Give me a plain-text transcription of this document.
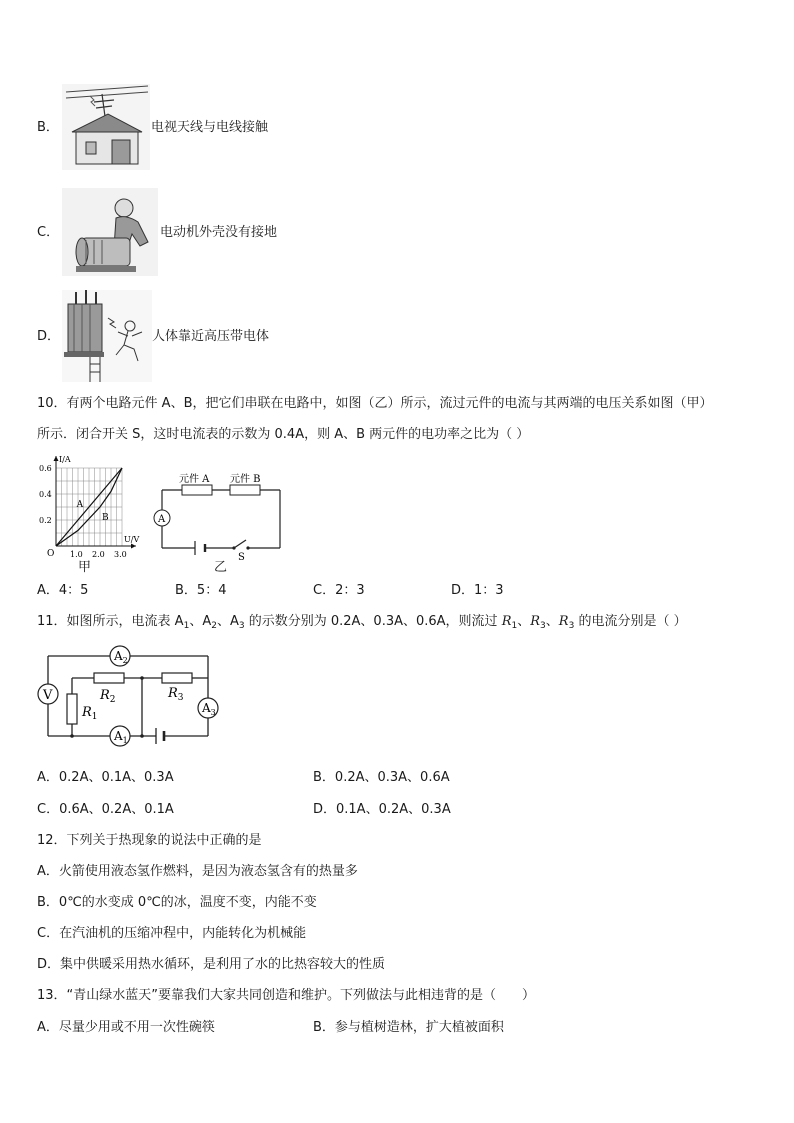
B．	电视天线与电线接触
C．	电动机外壳没有接地
D．	人体靠近高压带电体
10．有两个电路元件 A、B，把它们串联在电路中，如图（乙）所示，流过元件的电流与其两端的电压关系如图（甲）
所示．闭合开关 S，这时电流表的示数为 0.4A，则 A、B 两元件的电功率之比为（ ）
1.0 2.0 3.0
0.2
0.4
0.6
O
U/V
I/A
A
B
甲
元件 A 元件 B
A
S
乙
A．4：5	B．5：4	C．2：3	D．1：3
11．如图所示，电流表 $A_1$、$A_2$、$A_3$ 的示数分别为 0.2A、0.3A、0.6A，则流过 $R_1$、$R_3$、$R_3$ 的电流分别是（ ）
V
$A_2$
$A_1$
$A_3$
$R_1$
$R_2$	$R_3$
A．0.2A、0.1A、0.3A	B．0.2A、0.3A、0.6A
C．0.6A、0.2A、0.1A	D．0.1A、0.2A、0.3A
12．下列关于热现象的说法中正确的是
A．火箭使用液态氢作燃料，是因为液态氢含有的热量多
B．0℃的水变成 0℃的冰，温度不变，内能不变
C．在汽油机的压缩冲程中，内能转化为机械能
D．集中供暖采用热水循环，是利用了水的比热容较大的性质
13．“青山绿水蓝天”要靠我们大家共同创造和维护。下列做法与此相违背的是（　　）
A．尽量少用或不用一次性碗筷	B．参与植树造林，扩大植被面积
